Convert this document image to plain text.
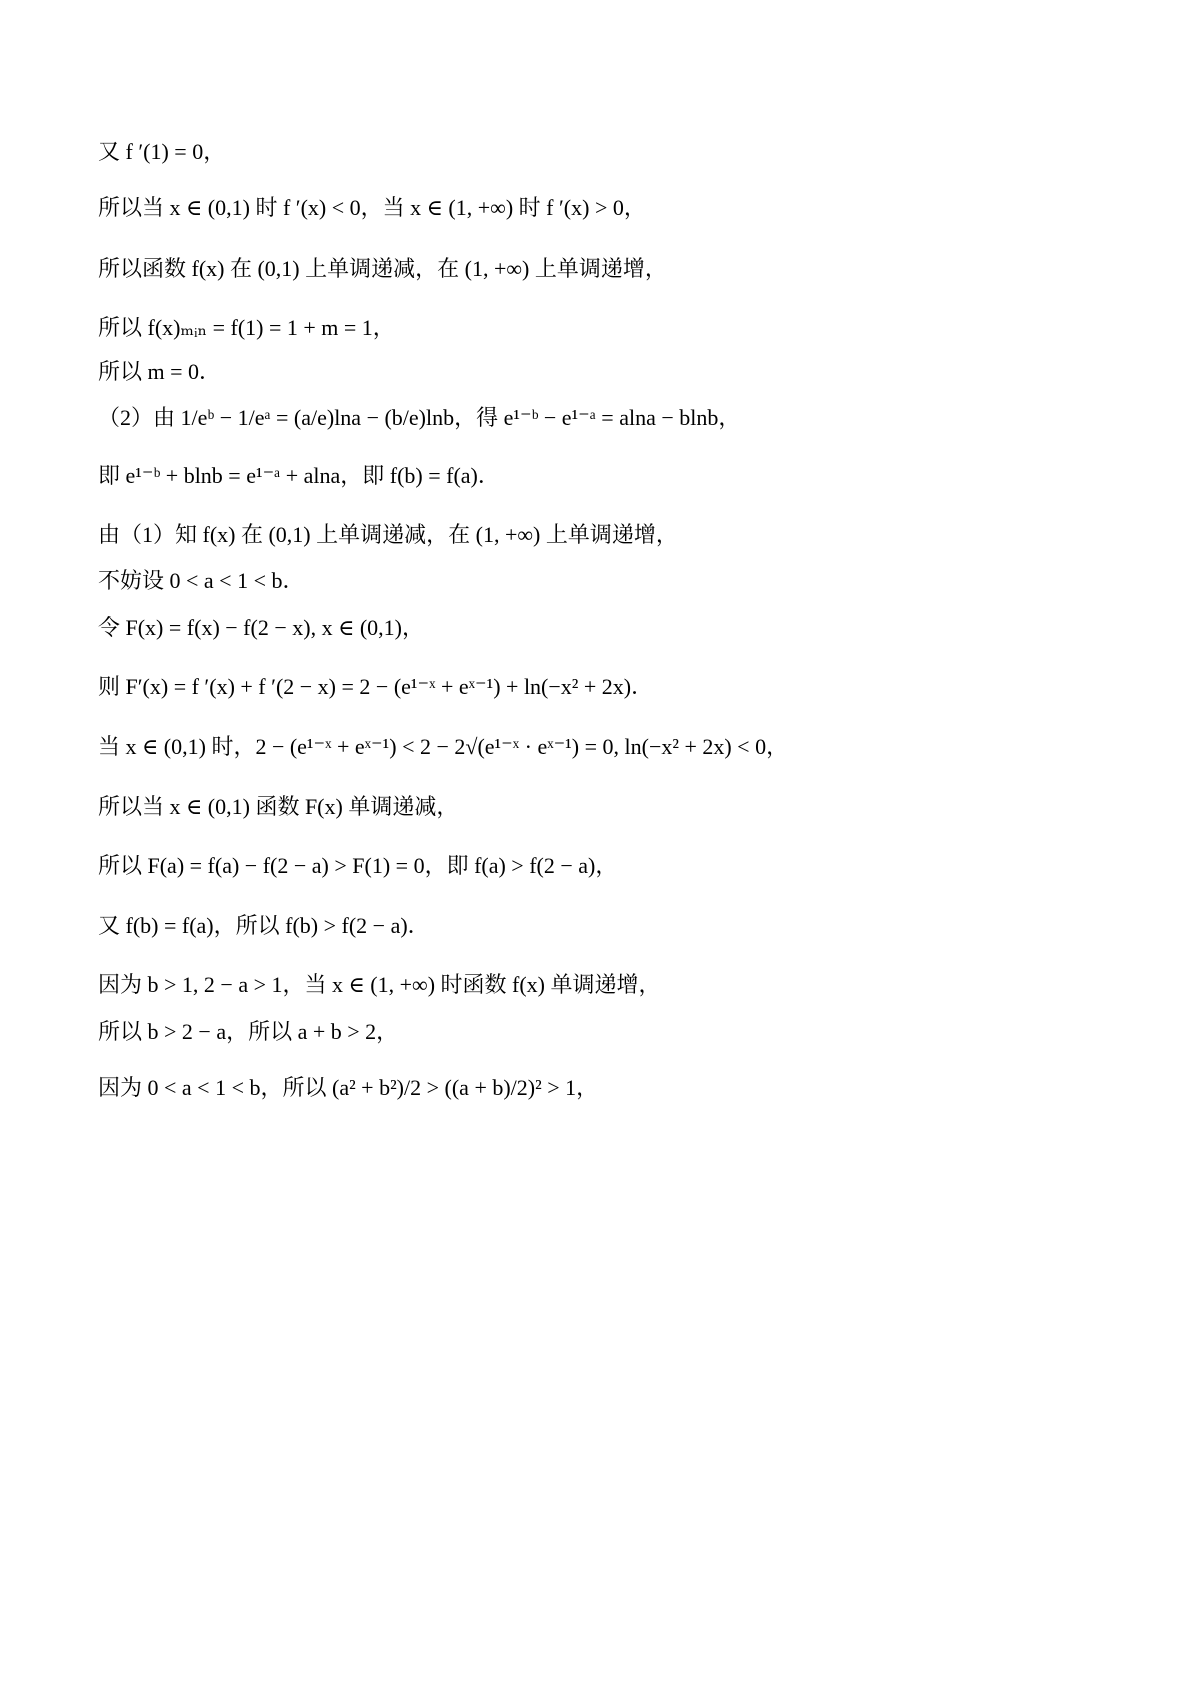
又 f ′(1) = 0，
所以当 x ∈ (0,1) 时 f ′(x) < 0，当 x ∈ (1, +∞) 时 f ′(x) > 0，
所以函数 f(x) 在 (0,1) 上单调递减，在 (1, +∞) 上单调递增，
所以 f(x)ₘᵢₙ = f(1) = 1 + m = 1，
所以 m = 0．
（2）由 1/eᵇ − 1/eᵃ = (a/e)lna − (b/e)lnb，得 e¹⁻ᵇ − e¹⁻ᵃ = alna − blnb，
即 e¹⁻ᵇ + blnb = e¹⁻ᵃ + alna，即 f(b) = f(a)．
由（1）知 f(x) 在 (0,1) 上单调递减，在 (1, +∞) 上单调递增，
不妨设 0 < a < 1 < b．
令 F(x) = f(x) − f(2 − x), x ∈ (0,1)，
则 F′(x) = f ′(x) + f ′(2 − x) = 2 − (e¹⁻ˣ + eˣ⁻¹) + ln(−x² + 2x)．
当 x ∈ (0,1) 时，2 − (e¹⁻ˣ + eˣ⁻¹) < 2 − 2√(e¹⁻ˣ · eˣ⁻¹) = 0, ln(−x² + 2x) < 0，
所以当 x ∈ (0,1) 函数 F(x) 单调递减，
所以 F(a) = f(a) − f(2 − a) > F(1) = 0，即 f(a) > f(2 − a)，
又 f(b) = f(a)，所以 f(b) > f(2 − a)．
因为 b > 1, 2 − a > 1，当 x ∈ (1, +∞) 时函数 f(x) 单调递增，
所以 b > 2 − a，所以 a + b > 2，
因为 0 < a < 1 < b，所以 (a² + b²)/2 > ((a + b)/2)² > 1，
